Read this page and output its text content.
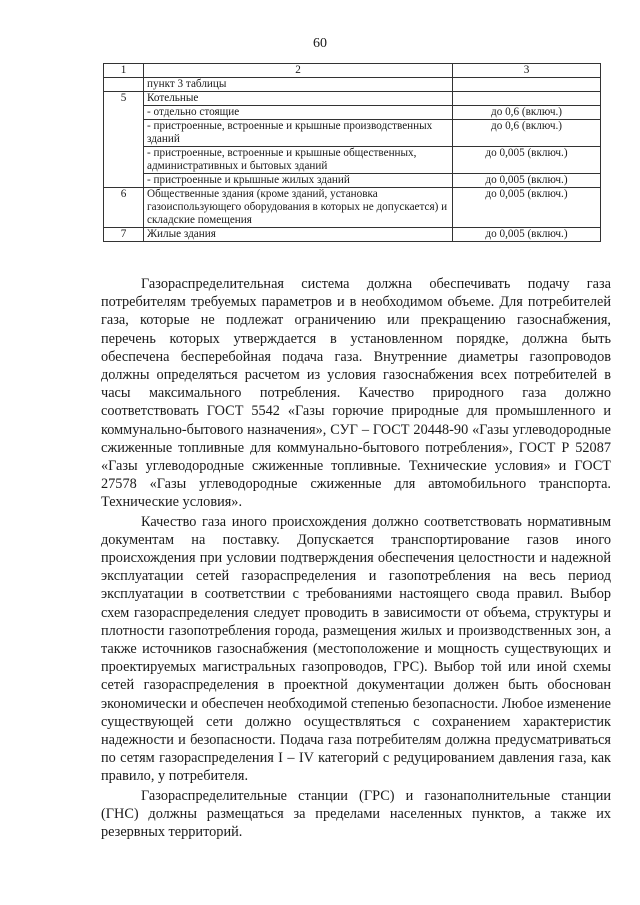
60
1	2	3
	пункт 3 таблицы	
5	Котельные	
	- отдельно стоящие	до 0,6 (включ.)
	- пристроенные, встроенные и крышные производственных зданий	до 0,6 (включ.)
	- пристроенные, встроенные и крышные общественных, административных и бытовых зданий	до 0,005 (включ.)
	- пристроенные и крышные жилых зданий	до 0,005 (включ.)
6	Общественные здания (кроме зданий, установка газоиспользующего оборудования в которых не допускается) и складские помещения	до 0,005 (включ.)
7	Жилые здания	до 0,005 (включ.)

Газораспределительная система должна обеспечивать подачу газа потребителям требуемых параметров и в необходимом объеме. Для потребителей газа, которые не подлежат ограничению или прекращению газоснабжения, перечень которых утверждается в установленном порядке, должна быть обеспечена бесперебойная подача газа. Внутренние диаметры газопроводов должны определяться расчетом из условия газоснабжения всех потребителей в часы максимального потребления. Качество природного газа должно соответствовать ГОСТ 5542 «Газы горючие природные для промышленного и коммунально-бытового назначения», СУГ – ГОСТ 20448-90 «Газы углеводородные сжиженные топливные для коммунально-бытового потребления», ГОСТ Р 52087 «Газы углеводородные сжиженные топливные. Технические условия» и ГОСТ 27578 «Газы углеводородные сжиженные для автомобильного транспорта. Технические условия».

Качество газа иного происхождения должно соответствовать нормативным документам на поставку. Допускается транспортирование газов иного происхождения при условии подтверждения обеспечения целостности и надежной эксплуатации сетей газораспределения и газопотребления на весь период эксплуатации в соответствии с требованиями настоящего свода правил. Выбор схем газораспределения следует проводить в зависимости от объема, структуры и плотности газопотребления города, размещения жилых и производственных зон, а также источников газоснабжения (местоположение и мощность существующих и проектируемых магистральных газопроводов, ГРС). Выбор той или иной схемы сетей газораспределения в проектной документации должен быть обоснован экономически и обеспечен необходимой степенью безопасности. Любое изменение существующей сети должно осуществляться с сохранением характеристик надежности и безопасности. Подача газа потребителям должна предусматриваться по сетям газораспределения I – IV категорий с редуцированием давления газа, как правило, у потребителя.

Газораспределительные станции (ГРС) и газонаполнительные станции (ГНС) должны размещаться за пределами населенных пунктов, а также их резервных территорий.
